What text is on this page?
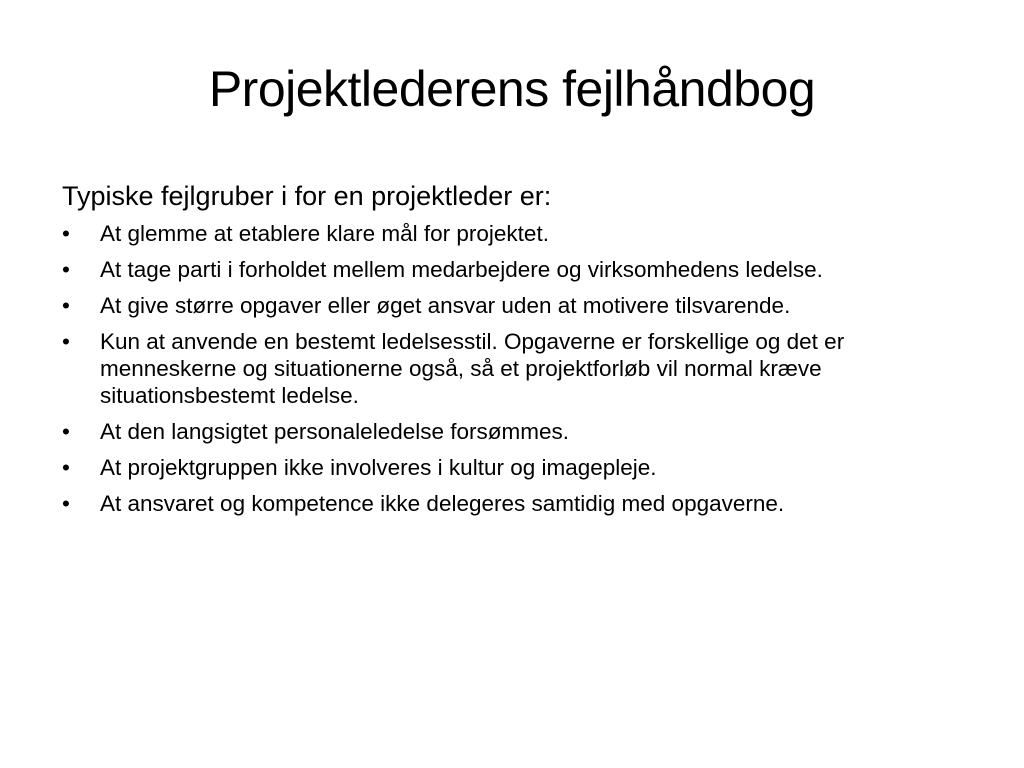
Projektlederens fejlhåndbog

Typiske fejlgruber i for en projektleder er:

•	At glemme at etablere klare mål for projektet.
•	At tage parti i forholdet mellem medarbejdere og virksomhedens ledelse.
•	At give større opgaver eller øget ansvar uden at motivere tilsvarende.
•	Kun at anvende en bestemt ledelsesstil. Opgaverne er forskellige og det er menneskerne og situationerne også, så et projektforløb vil normal kræve situationsbestemt ledelse.
•	At den langsigtet personaleledelse forsømmes.
•	At projektgruppen ikke involveres i kultur og imagepleje.
•	At ansvaret og kompetence ikke delegeres samtidig med opgaverne.
